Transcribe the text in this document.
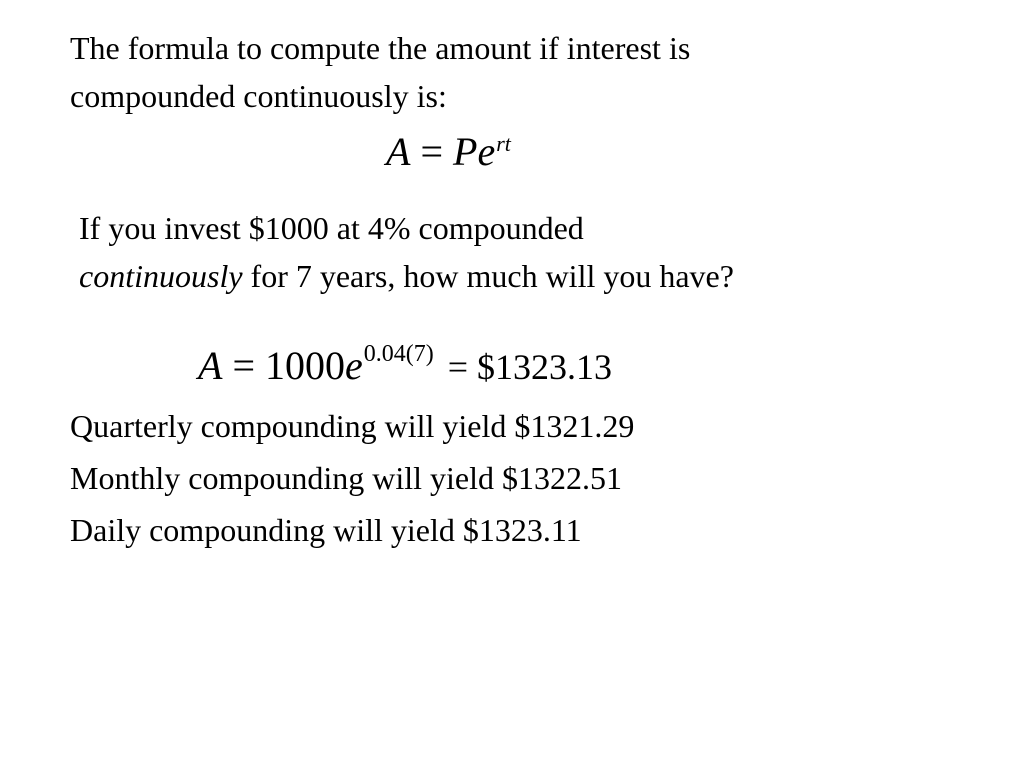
The formula to compute the amount if interest is
compounded continuously is:
$A = Pe^{rt}$
If you invest $1000 at 4% compounded
continuously for 7 years, how much will you have?
$A = 1000e^{0.04(7)}$ = $1323.13
Quarterly compounding will yield $1321.29
Monthly compounding will yield $1322.51
Daily compounding will yield $1323.11
